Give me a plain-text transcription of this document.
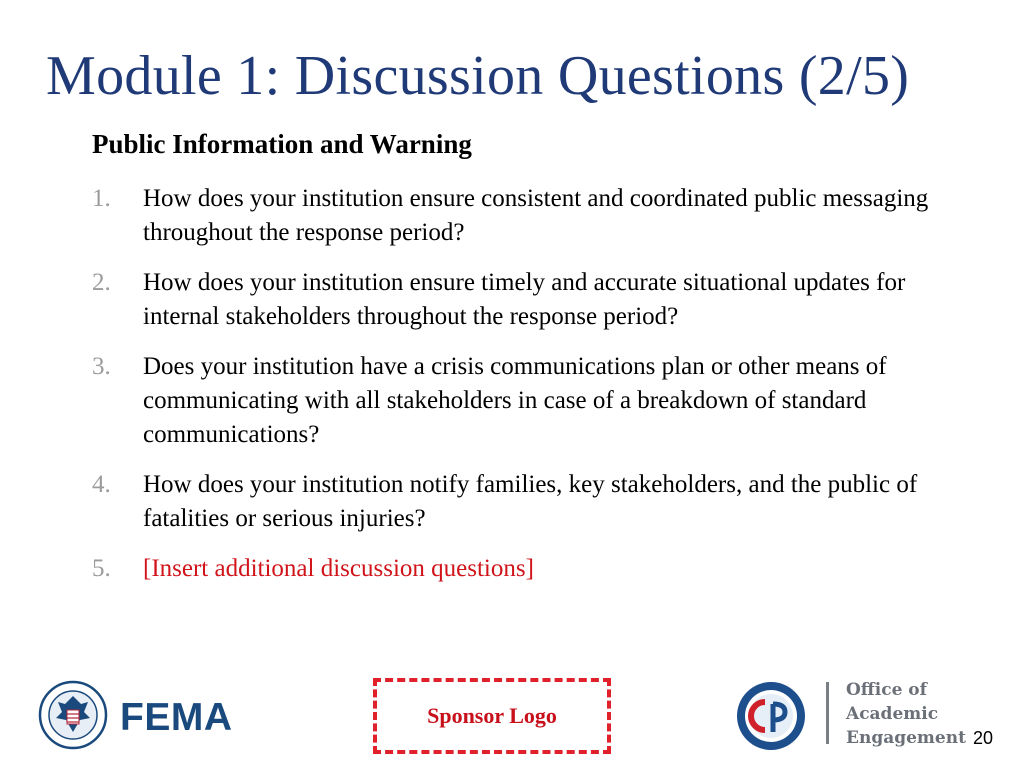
Module 1: Discussion Questions (2/5)
Public Information and Warning
1.	How does your institution ensure consistent and coordinated public messaging throughout the response period?
2.	How does your institution ensure timely and accurate situational updates for internal stakeholders throughout the response period?
3.	Does your institution have a crisis communications plan or other means of communicating with all stakeholders in case of a breakdown of standard communications?
4.	How does your institution notify families, key stakeholders, and the public of fatalities or serious injuries?
5.	[Insert additional discussion questions]
FEMA	Sponsor Logo
Office of
Academic
Engagement 20
